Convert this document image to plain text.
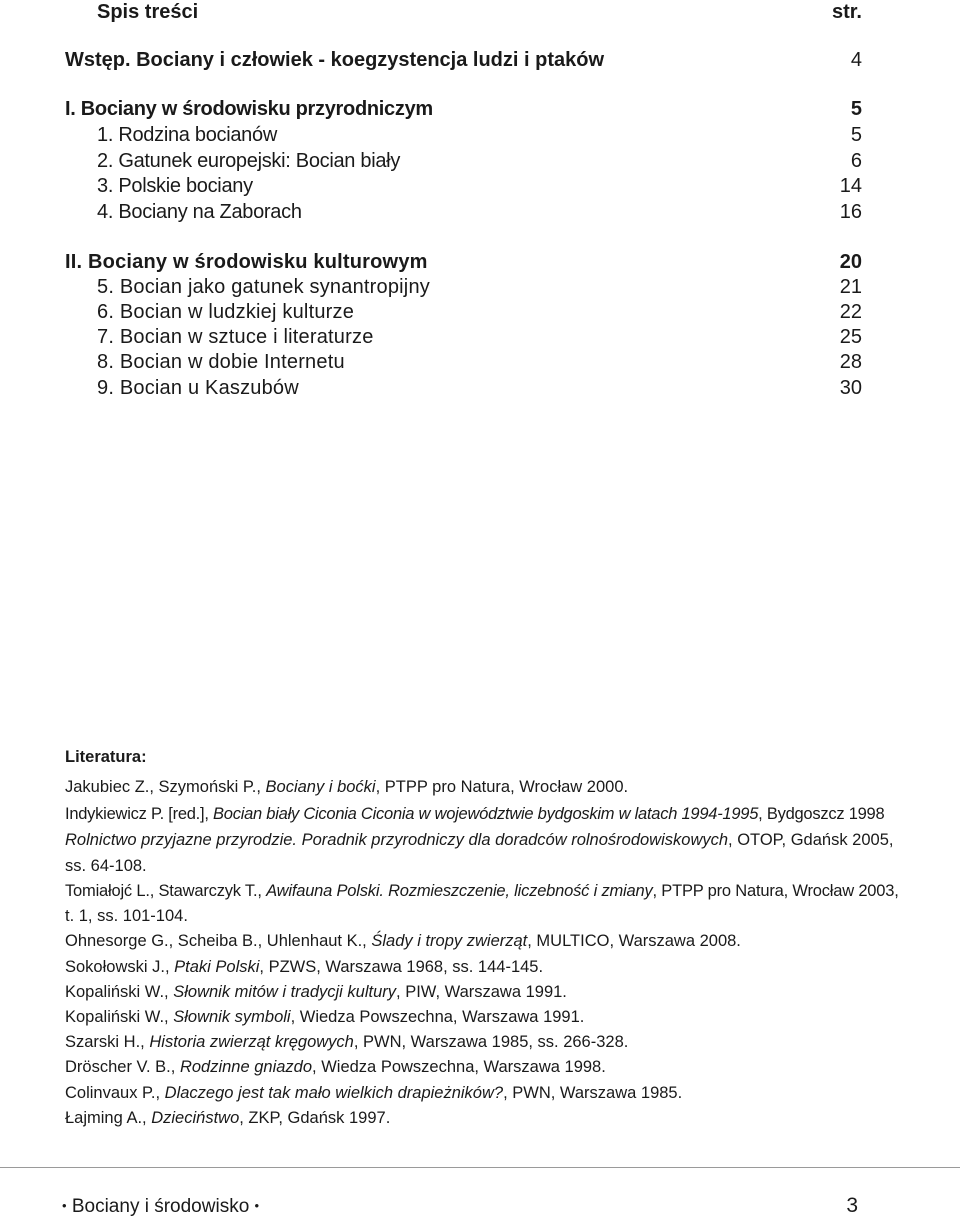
Spis treści	str.
Wstęp. Bociany i człowiek - koegzystencja ludzi i ptaków	4
I. Bociany w środowisku przyrodniczym	5
1. Rodzina bocianów	5
2. Gatunek europejski: Bocian biały	6
3. Polskie bociany	14
4. Bociany na Zaborach	16
II. Bociany w środowisku kulturowym	20
5. Bocian jako gatunek synantropijny	21
6. Bocian w ludzkiej kulturze	22
7. Bocian w sztuce i literaturze	25
8. Bocian w dobie Internetu	28
9. Bocian u Kaszubów	30
Literatura:
Jakubiec Z., Szymoński P., Bociany i boćki, PTPP pro Natura, Wrocław 2000.
Indykiewicz P. [red.], Bocian biały Ciconia Ciconia w województwie bydgoskim w latach 1994-1995, Bydgoszcz 1998
Rolnictwo przyjazne przyrodzie. Poradnik przyrodniczy dla doradców rolnośrodowiskowych, OTOP, Gdańsk 2005,
ss. 64-108.
Tomiałojć L., Stawarczyk T., Awifauna Polski. Rozmieszczenie, liczebność i zmiany, PTPP pro Natura, Wrocław 2003,
t. 1, ss. 101-104.
Ohnesorge G., Scheiba B., Uhlenhaut K., Ślady i tropy zwierząt, MULTICO, Warszawa 2008.
Sokołowski J., Ptaki Polski, PZWS, Warszawa 1968, ss. 144-145.
Kopaliński W., Słownik mitów i tradycji kultury, PIW, Warszawa 1991.
Kopaliński W., Słownik symboli, Wiedza Powszechna, Warszawa 1991.
Szarski H., Historia zwierząt kręgowych, PWN, Warszawa 1985, ss. 266-328.
Dröscher V. B., Rodzinne gniazdo, Wiedza Powszechna, Warszawa 1998.
Colinvaux P., Dlaczego jest tak mało wielkich drapieżników?, PWN, Warszawa 1985.
Łajming A., Dzieciństwo, ZKP, Gdańsk 1997.
• Bociany i środowisko •	3
